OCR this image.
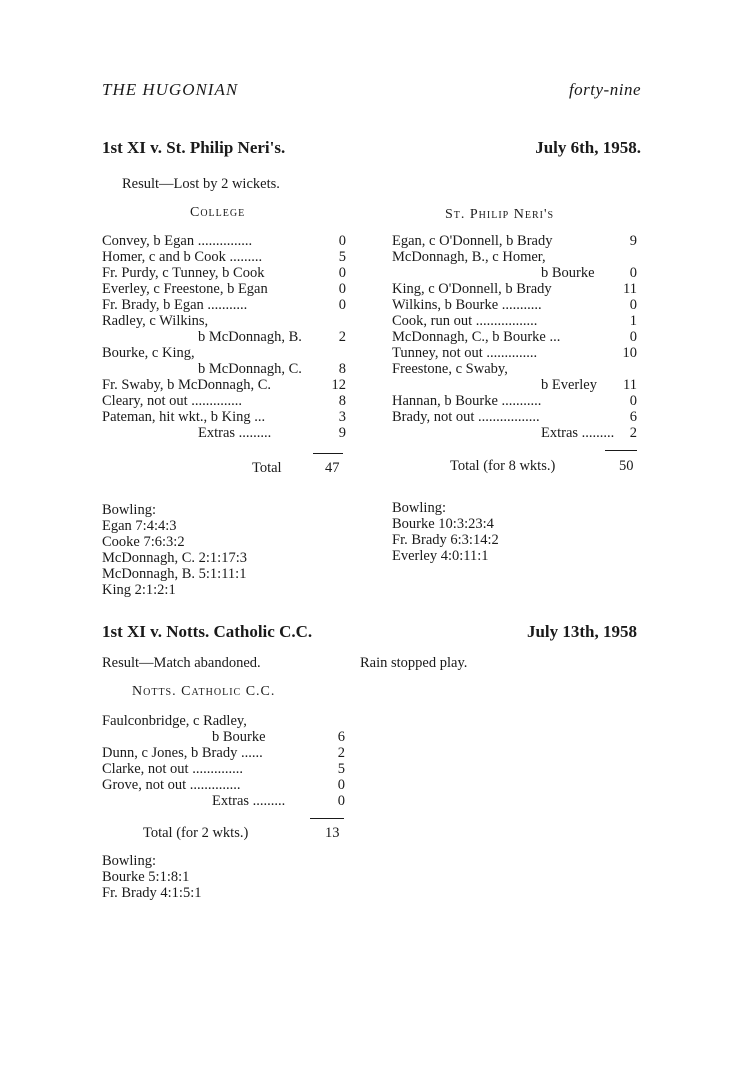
THE HUGONIAN	forty-nine
1st XI v. St. Philip Neri's.	July 6th, 1958.
Result—Lost by 2 wickets.
College	St. Philip Neri's
Convey, b Egan ...............	0
Homer, c and b Cook .........	5
Fr. Purdy, c Tunney, b Cook	0
Everley, c Freestone, b Egan	0
Fr. Brady, b Egan ...........	0
Radley, c Wilkins,
b McDonnagh, B.	2
Bourke, c King,
b McDonnagh, C.	8
Fr. Swaby, b McDonnagh, C.	12
Cleary, not out ..............	8
Pateman, hit wkt., b King ...	3
Extras .........	9
Egan, c O'Donnell, b Brady	9
McDonnagh, B., c Homer,
b Bourke 0
King, c O'Donnell, b Brady	11
Wilkins, b Bourke ...........	0
Cook, run out .................	1
McDonnagh, C., b Bourke ...	0
Tunney, not out ..............	10
Freestone, c Swaby,
b Everley 11
Hannan, b Bourke ...........	0
Brady, not out .................	6
Extras ......... 2
Total	47	Total (for 8 wkts.)	50
Bowling:
Egan 7:4:4:3
Cooke 7:6:3:2
McDonnagh, C. 2:1:17:3
McDonnagh, B. 5:1:11:1
King 2:1:2:1
Bowling:
Bourke 10:3:23:4
Fr. Brady 6:3:14:2
Everley 4:0:11:1
1st XI v. Notts. Catholic C.C.	July 13th, 1958
Result—Match abandoned.	Rain stopped play.
Notts. Catholic C.C.
Faulconbridge, c Radley,
b Bourke	6
Dunn, c Jones, b Brady ......	2
Clarke, not out ..............	5
Grove, not out ..............	0
Extras .........	0
Total (for 2 wkts.)	13
Bowling:
Bourke 5:1:8:1
Fr. Brady 4:1:5:1
